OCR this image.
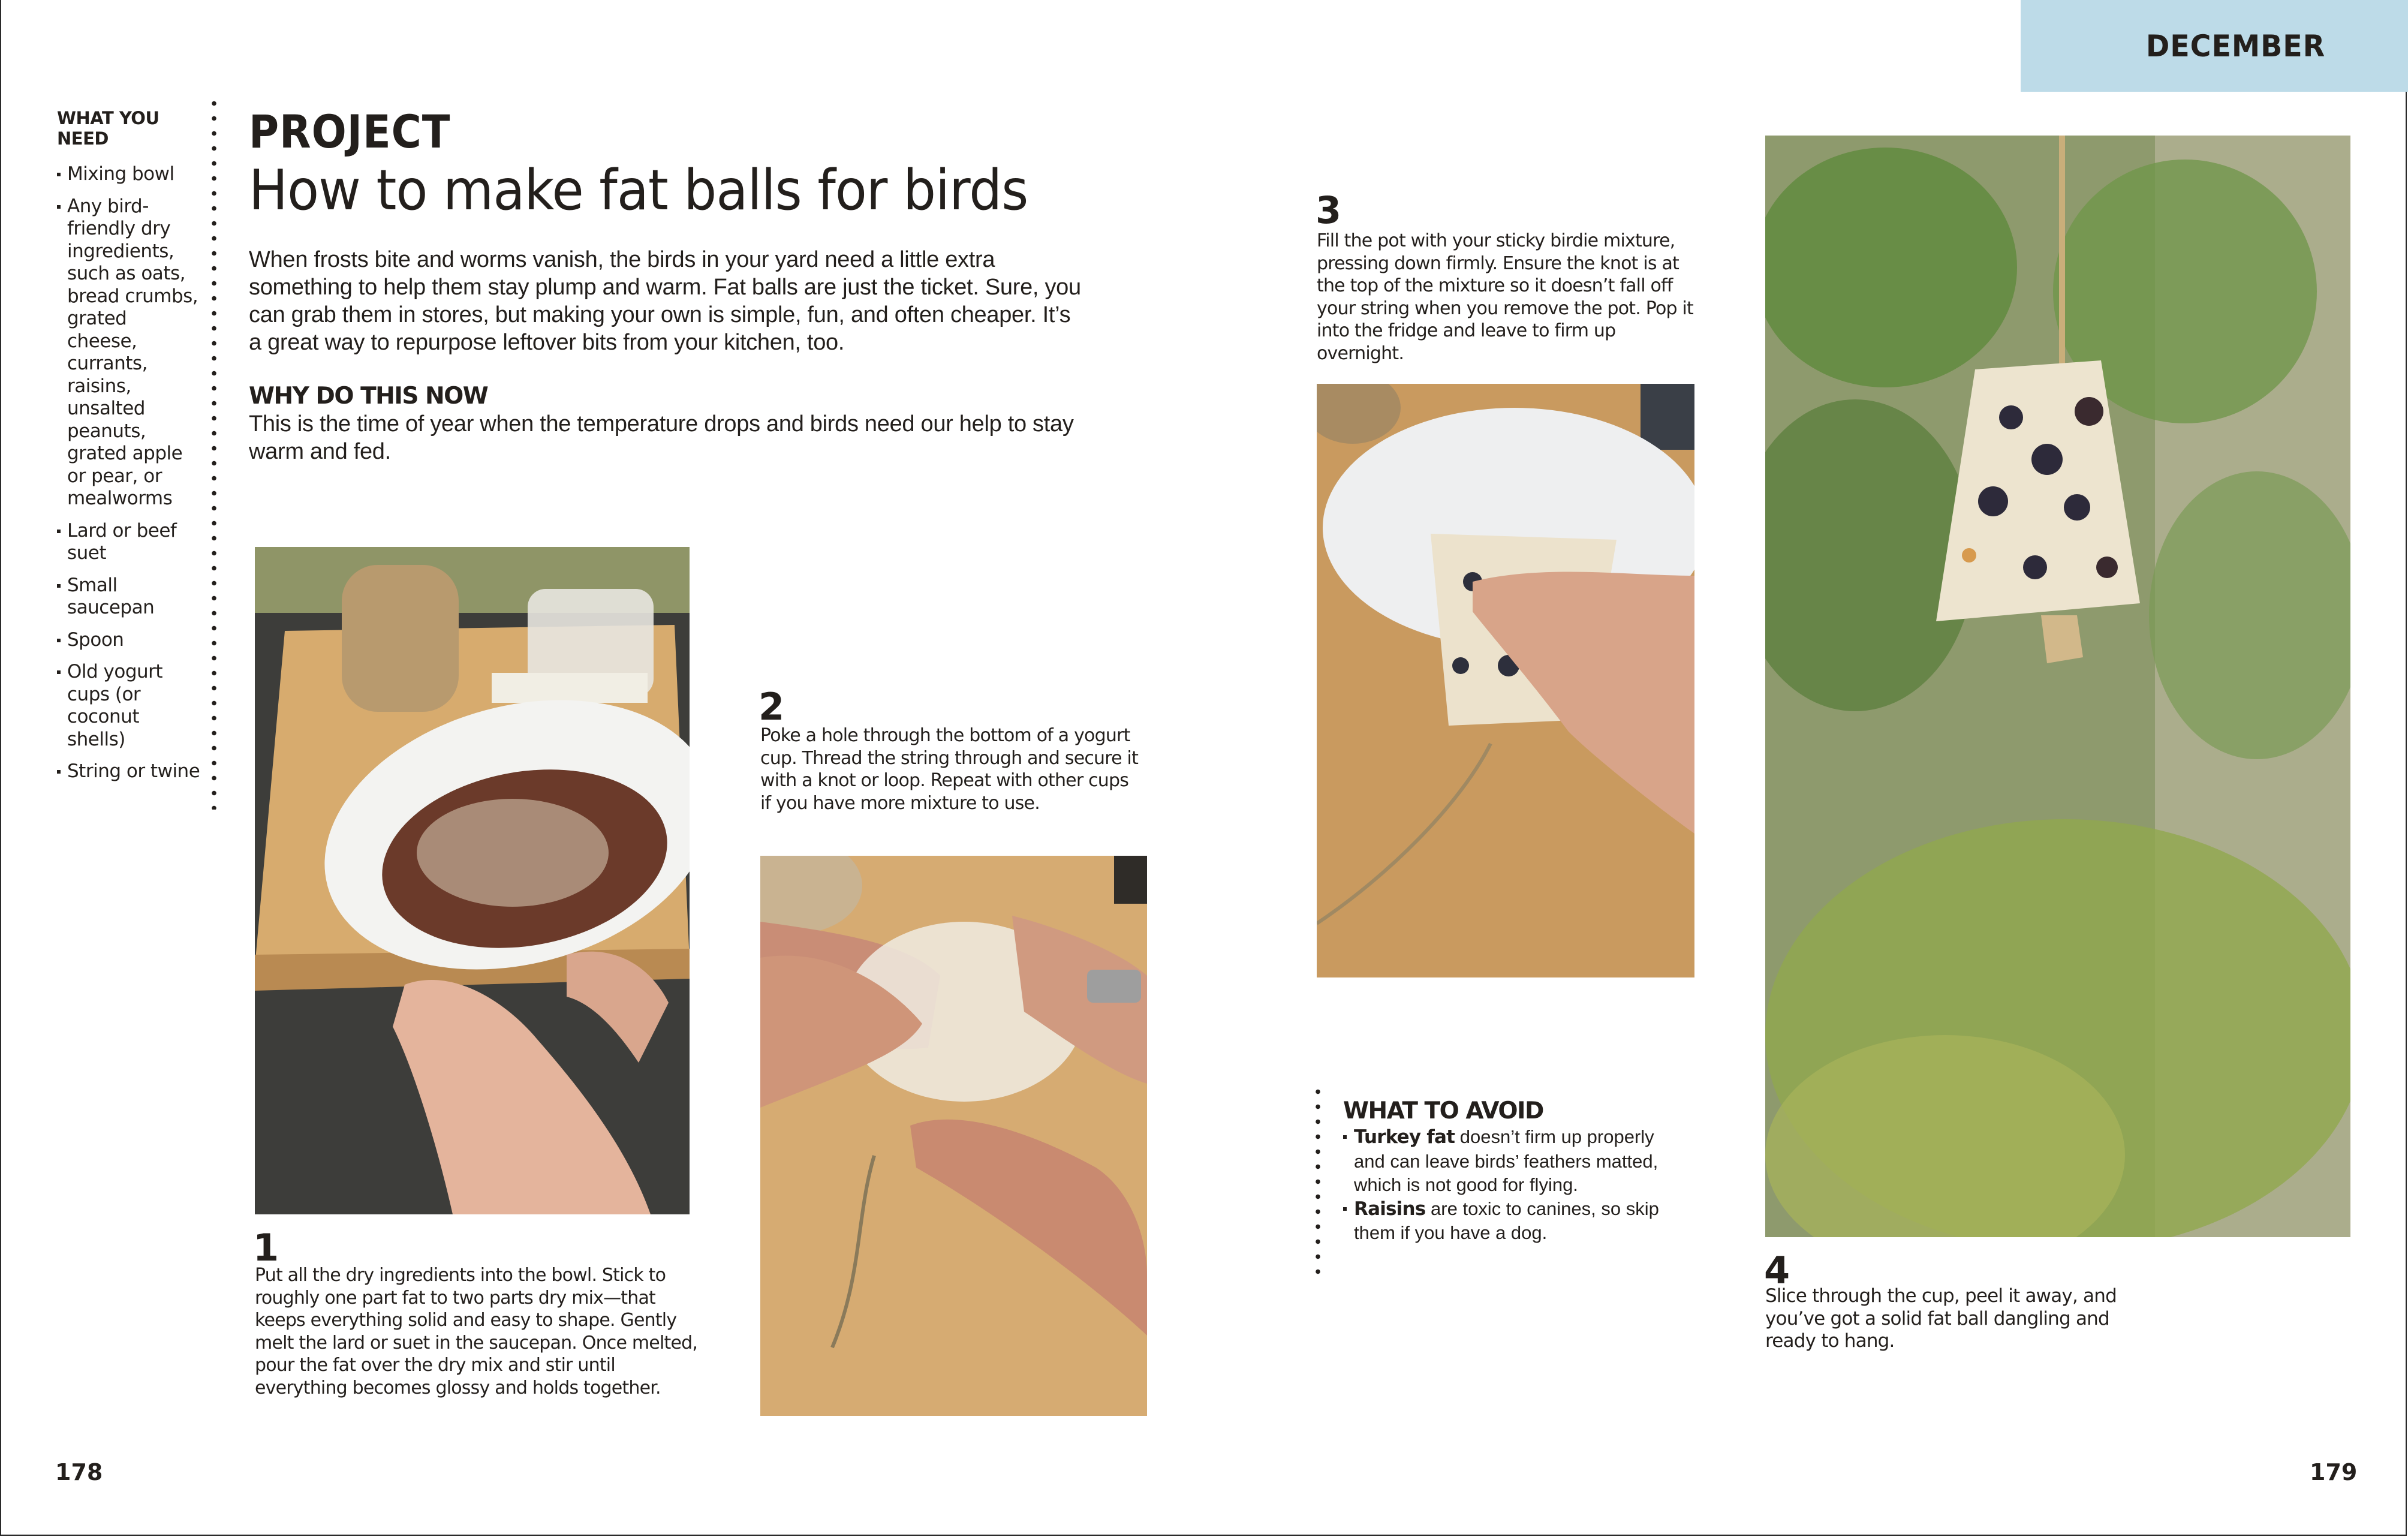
DECEMBER
WHAT YOU NEED
Mixing bowl
Any bird-friendly dry ingredients, such as oats, bread crumbs, grated cheese, currants, raisins, unsalted peanuts, grated apple or pear, or mealworms
Lard or beef suet
Small saucepan
Spoon
Old yogurt cups (or coconut shells)
String or twine
PROJECT
How to make fat balls for birds
When frosts bite and worms vanish, the birds in your yard need a little extra something to help them stay plump and warm. Fat balls are just the ticket. Sure, you can grab them in stores, but making your own is simple, fun, and often cheaper. It’s a great way to repurpose leftover bits from your kitchen, too.
WHY DO THIS NOW
This is the time of year when the temperature drops and birds need our help to stay warm and fed.
1
Put all the dry ingredients into the bowl. Stick to roughly one part fat to two parts dry mix—that keeps everything solid and easy to shape. Gently melt the lard or suet in the saucepan. Once melted, pour the fat over the dry mix and stir until everything becomes glossy and holds together.
2
Poke a hole through the bottom of a yogurt cup. Thread the string through and secure it with a knot or loop. Repeat with other cups if you have more mixture to use.
3
Fill the pot with your sticky birdie mixture, pressing down firmly. Ensure the knot is at the top of the mixture so it doesn’t fall off your string when you remove the pot. Pop it into the fridge and leave to firm up overnight.
4
Slice through the cup, peel it away, and you’ve got a solid fat ball dangling and ready to hang.
WHAT TO AVOID
Turkey fat doesn’t firm up properly and can leave birds’ feathers matted, which is not good for flying.
Raisins are toxic to canines, so skip them if you have a dog.
178	179
